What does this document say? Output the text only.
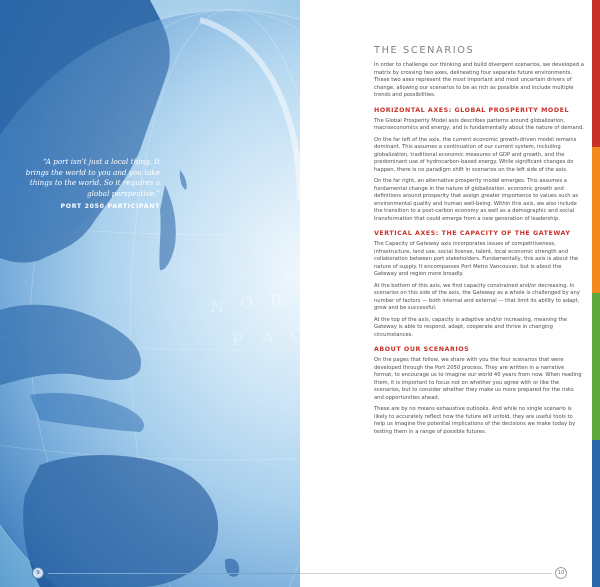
“A port isn’t just a local thing. It brings the world to you and you take things to the world. So it requires a global perspective.”
PORT 2050 PARTICIPANT
9
THE SCENARIOS

In order to challenge our thinking and build divergent scenarios, we developed a matrix by crossing two axes, delineating four separate future environments. These two axes represent the most important and most uncertain drivers of change, allowing our scenarios to be as rich as possible and include multiple trends and possibilities.

HORIZONTAL AXES: GLOBAL PROSPERITY MODEL

The Global Prosperity Model axis describes patterns around globalization, macroeconomics and energy, and is fundamentally about the nature of demand.

On the far left of the axis, the current economic growth-driven model remains dominant. This assumes a continuation of our current system, including globalization, traditional economic measures of GDP and growth, and the predominant use of hydrocarbon-based energy. While significant changes do happen, there is no paradigm shift in scenarios on the left side of the axis.

On the far right, an alternative prosperity model emerges. This assumes a fundamental change in the nature of globalization, economic growth and definitions around prosperity that assign greater importance to values such as environmental quality and human well-being. Within this axis, we also include the transition to a post-carbon economy as well as a demographic and social transformation that could emerge from a new generation of leadership.

VERTICAL AXES: THE CAPACITY OF THE GATEWAY

The Capacity of Gateway axis incorporates issues of competitiveness, infrastructure, land use, social license, talent, local economic strength and collaboration between port stakeholders. Fundamentally, this axis is about the nature of supply. It encompasses Port Metro Vancouver, but is about the Gateway and region more broadly.

At the bottom of this axis, we find capacity constrained and/or decreasing. In scenarios on this side of the axis, the Gateway as a whole is challenged by any number of factors — both internal and external — that limit its ability to adapt, grow and be successful.

At the top of the axis, capacity is adaptive and/or increasing, meaning the Gateway is able to respond, adapt, cooperate and thrive in changing circumstances.

ABOUT OUR SCENARIOS

On the pages that follow, we share with you the four scenarios that were developed through the Port 2050 process. They are written in a narrative format, to encourage us to imagine our world 40 years from now. When reading them, it is important to focus not on whether you agree with or like the scenarios, but to consider whether they make us more prepared for the risks and opportunities ahead.

These are by no means exhaustive outlooks. And while no single scenario is likely to accurately reflect how the future will unfold, they are useful tools to help us imagine the potential implications of the decisions we make today by testing them in a range of possible futures.

10
